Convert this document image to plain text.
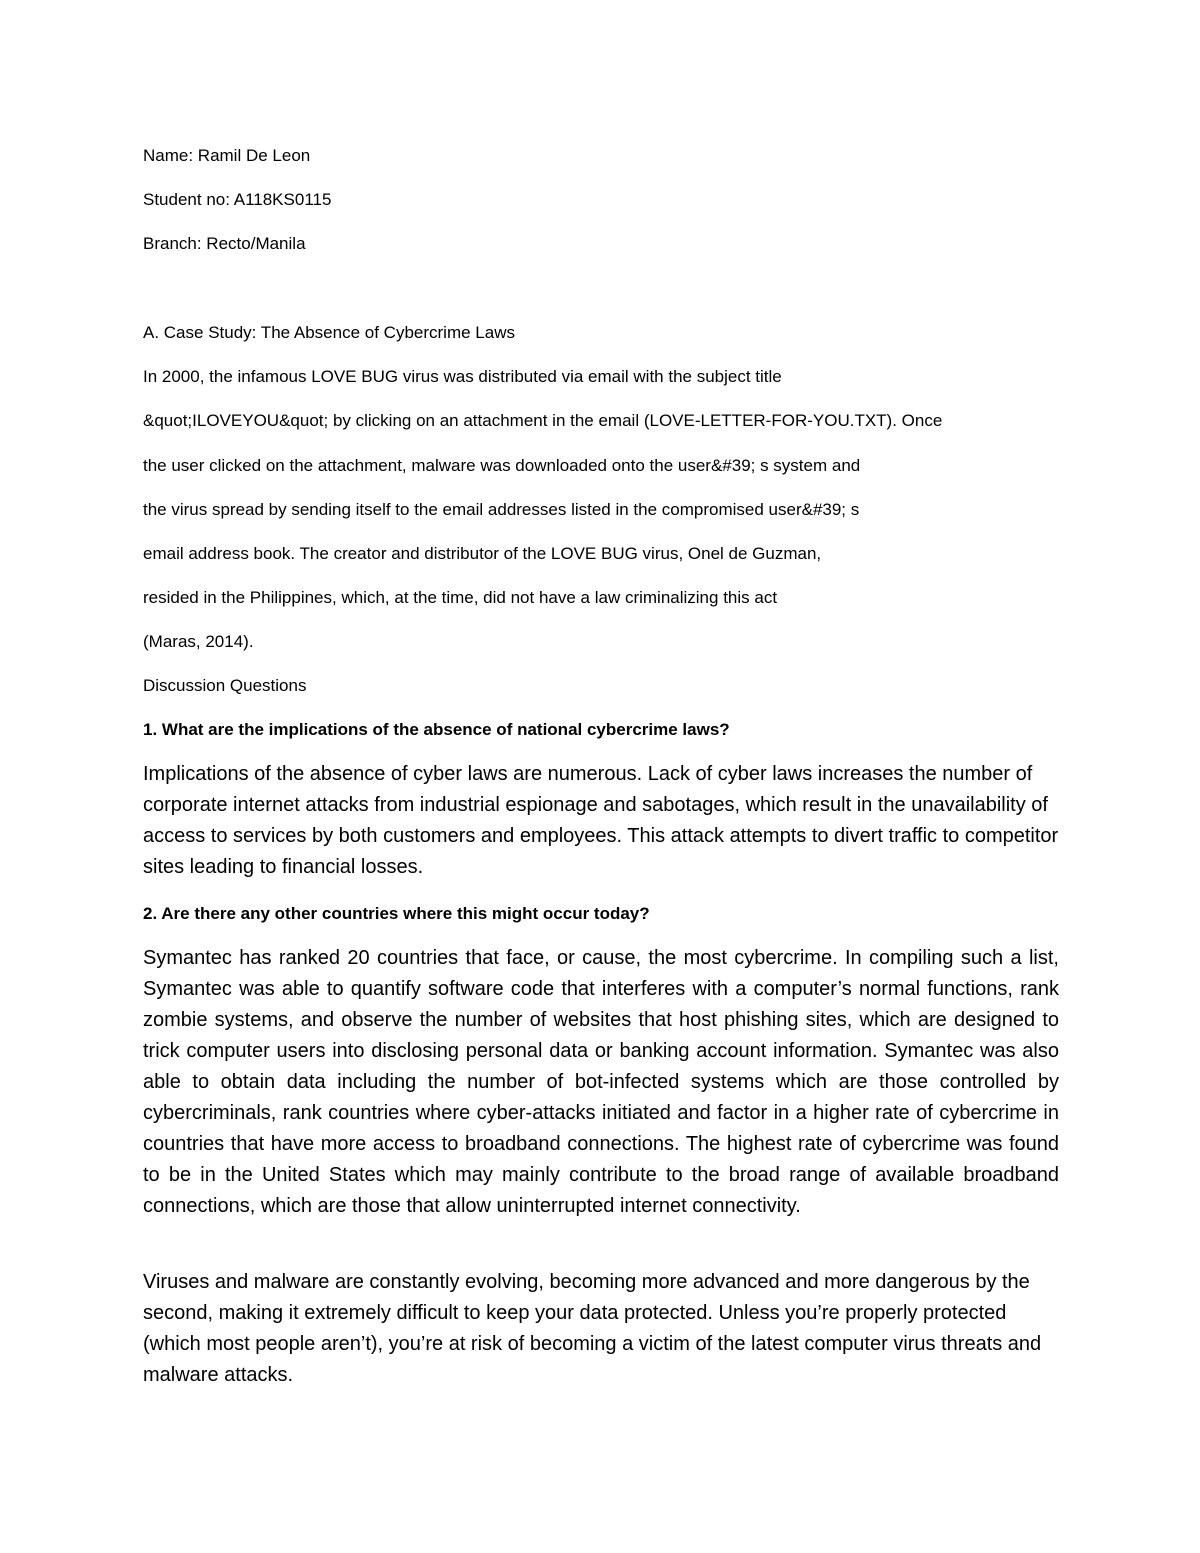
Name: Ramil De Leon
Student no: A118KS0115
Branch: Recto/Manila
A. Case Study: The Absence of Cybercrime Laws
In 2000, the infamous LOVE BUG virus was distributed via email with the subject title
&quot;ILOVEYOU&quot; by clicking on an attachment in the email (LOVE-LETTER-FOR-YOU.TXT). Once
the user clicked on the attachment, malware was downloaded onto the user&#39; s system and
the virus spread by sending itself to the email addresses listed in the compromised user&#39; s
email address book. The creator and distributor of the LOVE BUG virus, Onel de Guzman,
resided in the Philippines, which, at the time, did not have a law criminalizing this act
(Maras, 2014).
Discussion Questions
1. What are the implications of the absence of national cybercrime laws?

Implications of the absence of cyber laws are numerous. Lack of cyber laws increases the number of corporate internet attacks from industrial espionage and sabotages, which result in the unavailability of access to services by both customers and employees. This attack attempts to divert traffic to competitor sites leading to financial losses.

2. Are there any other countries where this might occur today?

Symantec has ranked 20 countries that face, or cause, the most cybercrime. In compiling such a list, Symantec was able to quantify software code that interferes with a computer’s normal functions, rank zombie systems, and observe the number of websites that host phishing sites, which are designed to trick computer users into disclosing personal data or banking account information. Symantec was also able to obtain data including the number of bot-infected systems which are those controlled by cybercriminals, rank countries where cyber-attacks initiated and factor in a higher rate of cybercrime in countries that have more access to broadband connections. The highest rate of cybercrime was found to be in the United States which may mainly contribute to the broad range of available broadband connections, which are those that allow uninterrupted internet connectivity.

Viruses and malware are constantly evolving, becoming more advanced and more dangerous by the second, making it extremely difficult to keep your data protected. Unless you’re properly protected (which most people aren’t), you’re at risk of becoming a victim of the latest computer virus threats and malware attacks.
